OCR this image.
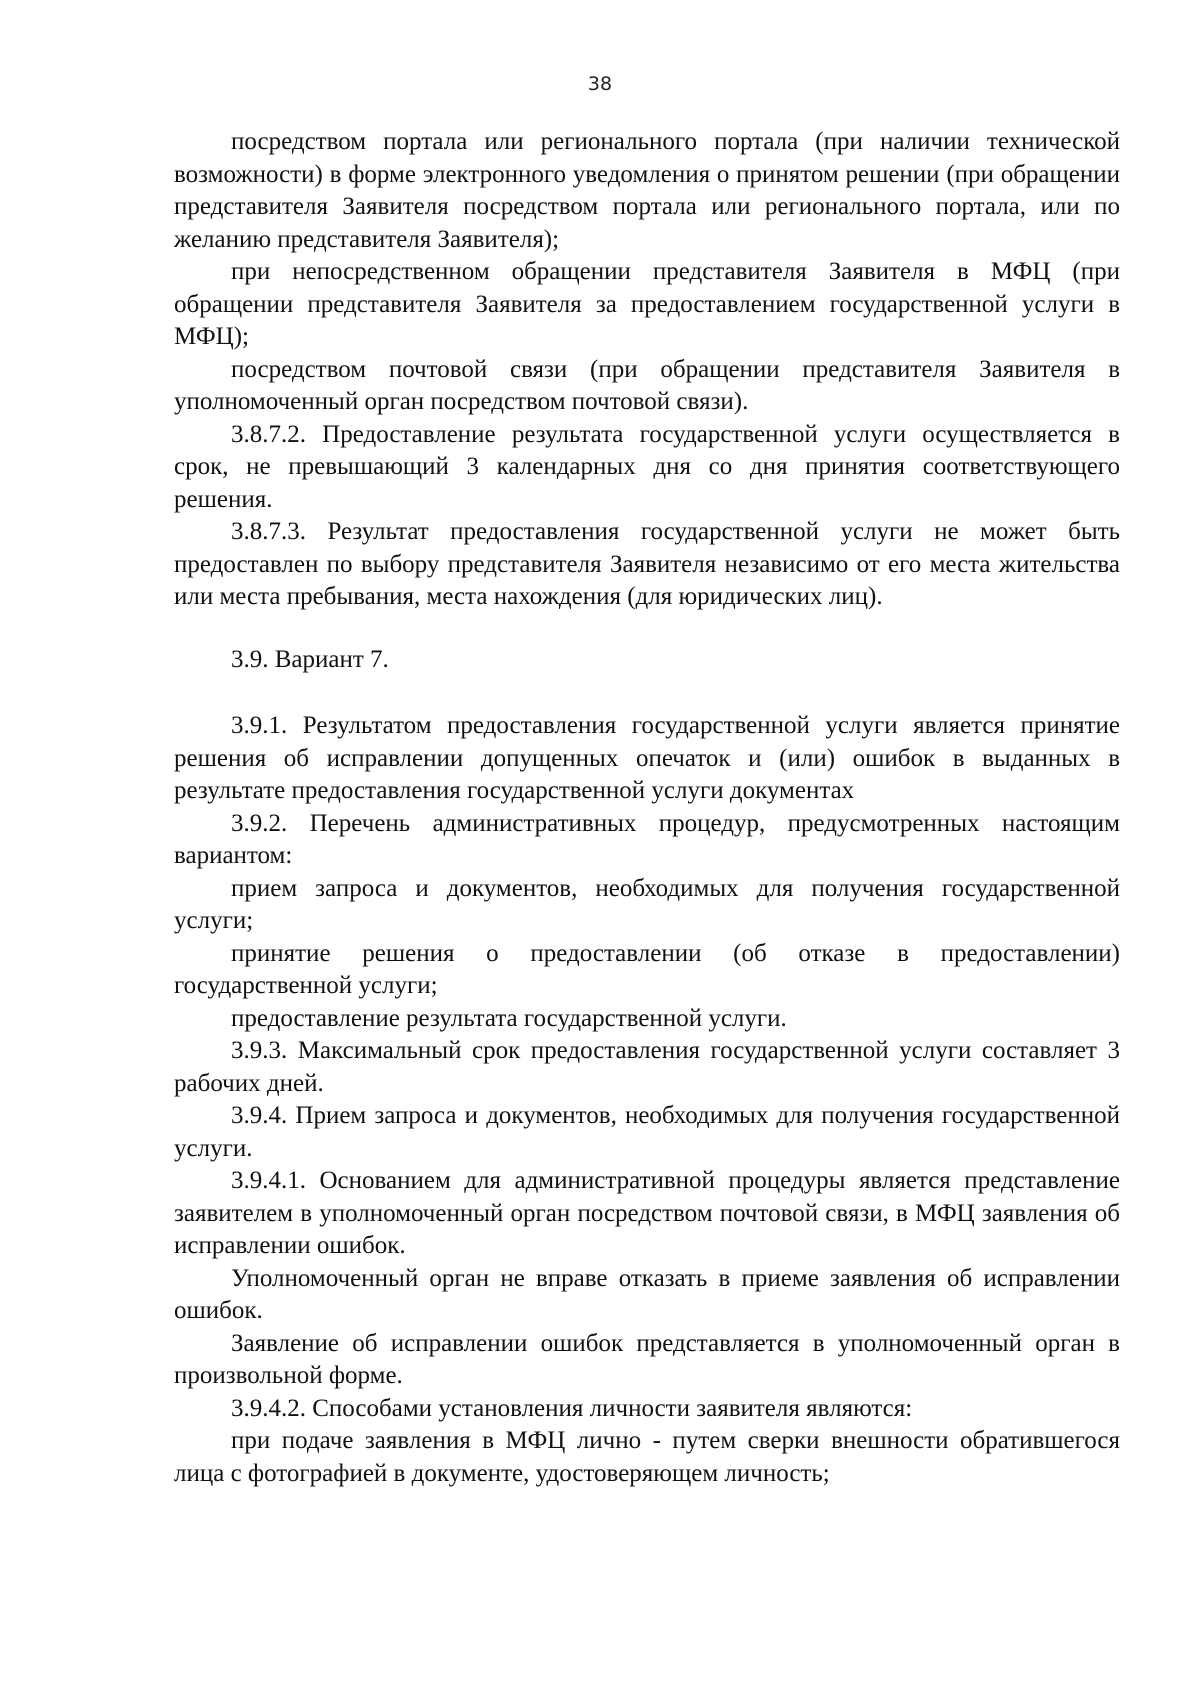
38

посредством портала или регионального портала (при наличии технической возможности) в форме электронного уведомления о принятом решении (при обращении представителя Заявителя посредством портала или регионального портала, или по желанию представителя Заявителя);

при непосредственном обращении представителя Заявителя в МФЦ (при обращении представителя Заявителя за предоставлением государственной услуги в МФЦ);

посредством почтовой связи (при обращении представителя Заявителя в уполномоченный орган посредством почтовой связи).

3.8.7.2. Предоставление результата государственной услуги осуществляется в срок, не превышающий 3 календарных дня со дня принятия соответствующего решения.

3.8.7.3. Результат предоставления государственной услуги не может быть предоставлен по выбору представителя Заявителя независимо от его места жительства или места пребывания, места нахождения (для юридических лиц).

3.9. Вариант 7.

3.9.1. Результатом предоставления государственной услуги является принятие решения об исправлении допущенных опечаток и (или) ошибок в выданных в результате предоставления государственной услуги документах

3.9.2. Перечень административных процедур, предусмотренных настоящим вариантом:

прием запроса и документов, необходимых для получения государственной услуги;

принятие решения о предоставлении (об отказе в предоставлении) государственной услуги;

предоставление результата государственной услуги.

3.9.3. Максимальный срок предоставления государственной услуги составляет 3 рабочих дней.

3.9.4. Прием запроса и документов, необходимых для получения государственной услуги.

3.9.4.1. Основанием для административной процедуры является представление заявителем в уполномоченный орган посредством почтовой связи, в МФЦ заявления об исправлении ошибок.

Уполномоченный орган не вправе отказать в приеме заявления об исправлении ошибок.

Заявление об исправлении ошибок представляется в уполномоченный орган в произвольной форме.

3.9.4.2. Способами установления личности заявителя являются:

при подаче заявления в МФЦ лично - путем сверки внешности обратившегося лица с фотографией в документе, удостоверяющем личность;
